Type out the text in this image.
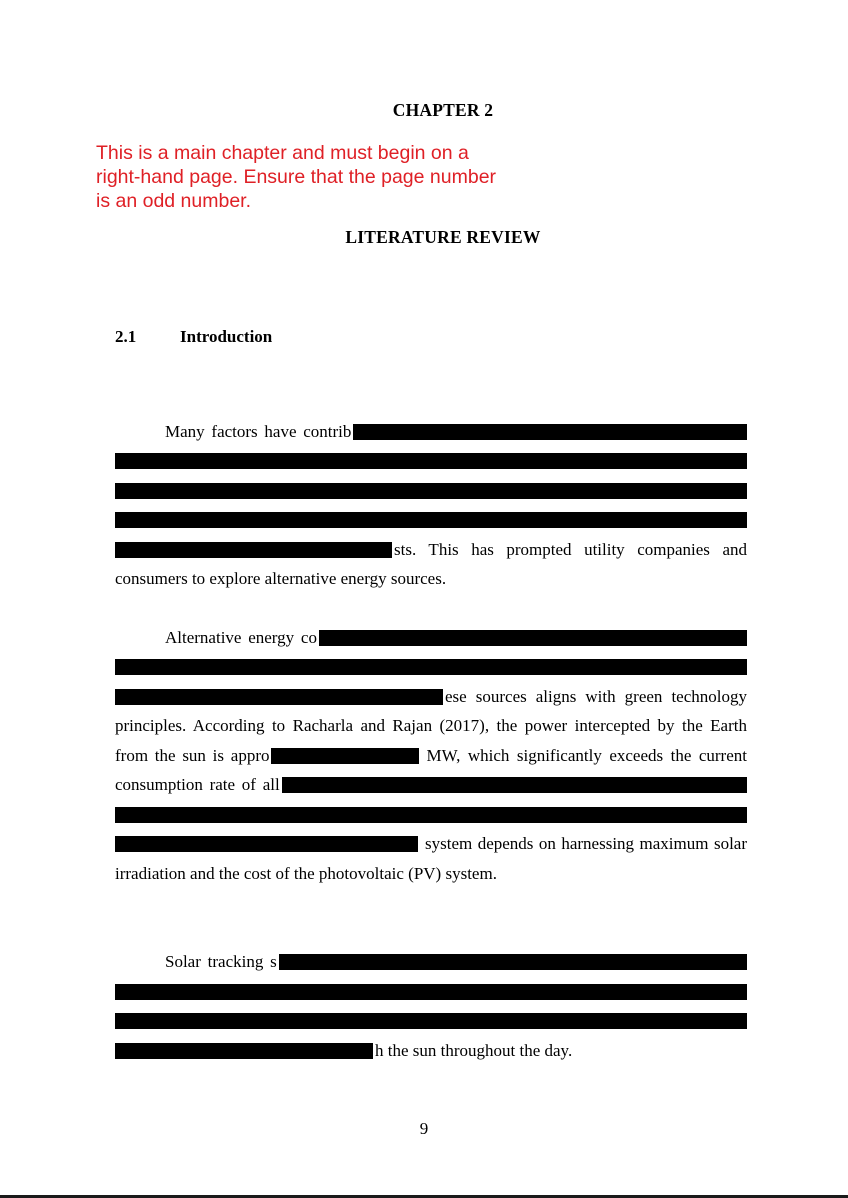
CHAPTER 2
This is a main chapter and must begin on a
right-hand page. Ensure that the page number
is an odd number.
LITERATURE REVIEW
2.1	Introduction
Many factors have contrib
sts. This has prompted utility companies and
consumers to explore alternative energy sources.
Alternative energy co
ese sources aligns with green technology
principles. According to Racharla and Rajan (2017), the power intercepted by the Earth
from the sun is appro	MW, which significantly exceeds the current
consumption rate of all
system depends on harnessing maximum solar
irradiation and the cost of the photovoltaic (PV) system.
Solar tracking s
h the sun throughout the day.
9
